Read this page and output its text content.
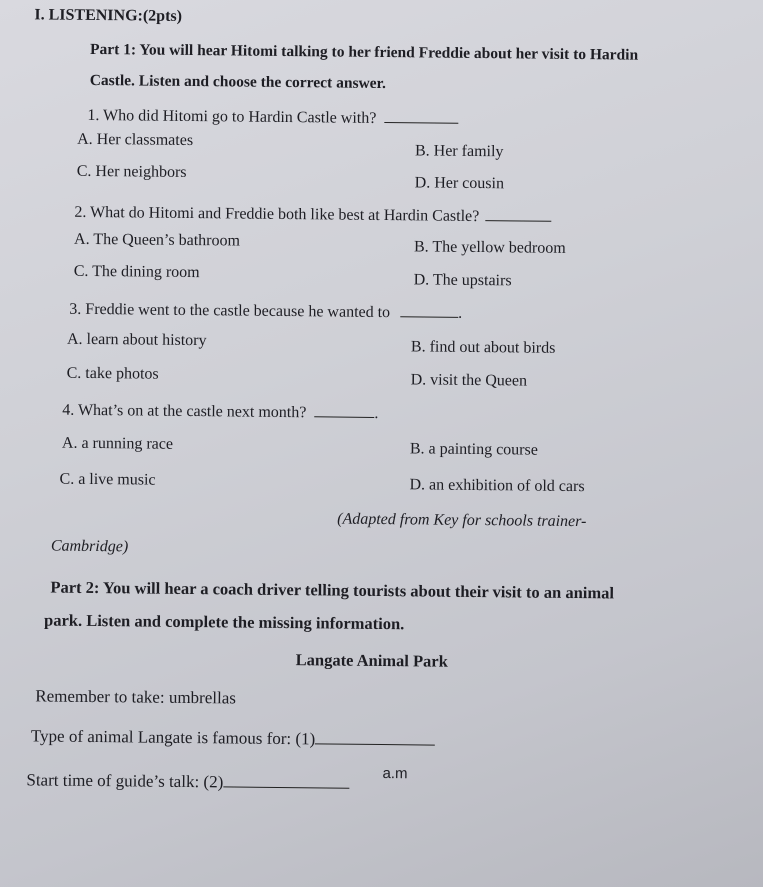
I. LISTENING:(2pts)
Part 1: You will hear Hitomi talking to her friend Freddie about her visit to Hardin
Castle. Listen and choose the correct answer.
1. Who did Hitomi go to Hardin Castle with?
A. Her classmates
B. Her family
C. Her neighbors
D. Her cousin
2. What do Hitomi and Freddie both like best at Hardin Castle?
A. The Queen’s bathroom	B. The yellow bedroom
C. The dining room	D. The upstairs
3. Freddie went to the castle because he wanted to	.
A. learn about history	B. find out about birds
C. take photos	D. visit the Queen
4. What’s on at the castle next month?	.
A. a running race	B. a painting course
C. a live music	D. an exhibition of old cars
(Adapted from Key for schools trainer-
Cambridge)
Part 2: You will hear a coach driver telling tourists about their visit to an animal
park. Listen and complete the missing information.
Langate Animal Park
Remember to take: umbrellas
Type of animal Langate is famous for: (1)
Start time of guide’s talk: (2)	a.m
